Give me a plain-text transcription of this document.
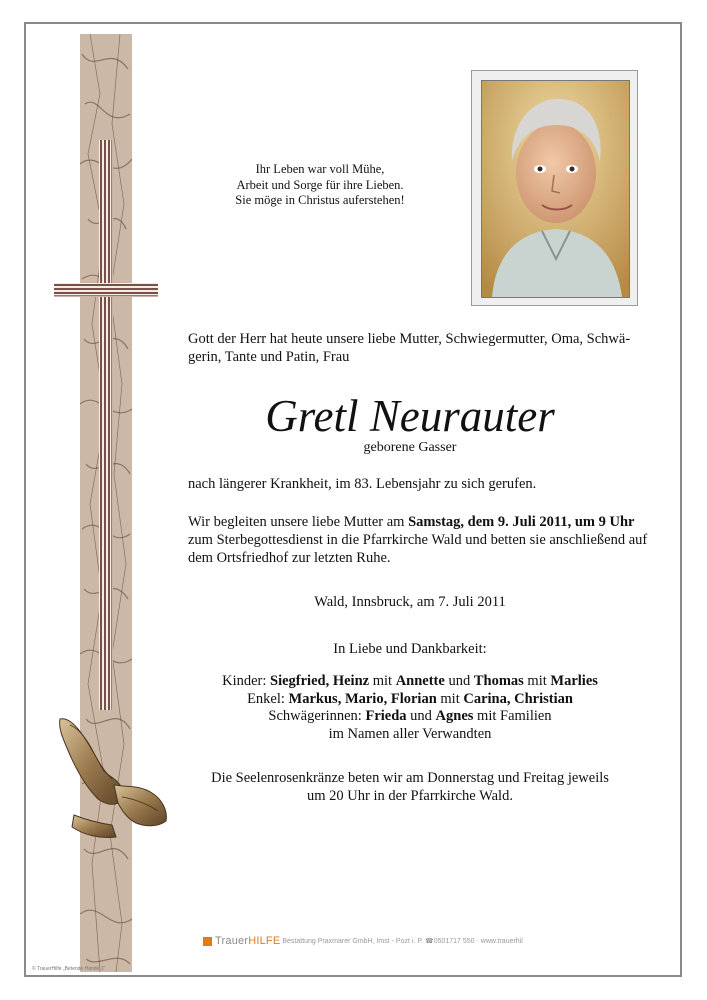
Ihr Leben war voll Mühe,
Arbeit und Sorge für ihre Lieben.
Sie möge in Christus auferstehen!
Gott der Herr hat heute unsere liebe Mutter, Schwiegermutter, Oma, Schwä-gerin, Tante und Patin, Frau
Gretl Neurauter
geborene Gasser
nach längerer Krankheit, im 83. Lebensjahr zu sich gerufen.
Wir begleiten unsere liebe Mutter am Samstag, dem 9. Juli 2011, um 9 Uhr zum Sterbegottesdienst in die Pfarrkirche Wald und betten sie anschließend auf dem Ortsfriedhof zur letzten Ruhe.
Wald, Innsbruck, am 7. Juli 2011
In Liebe und Dankbarkeit:
Kinder: Siegfried, Heinz mit Annette und Thomas mit Marlies
Enkel: Markus, Mario, Florian mit Carina, Christian
Schwägerinnen: Frieda und Agnes mit Familien
im Namen aller Verwandten
Die Seelenrosenkränze beten wir am Donnerstag und Freitag jeweils
um 20 Uhr in der Pfarrkirche Wald.
TrauerHILFE Bestattung Praxmarer GmbH, Imst - Pozt i. P. ☎0501717 550 · www.trauerhil
© TrauerHilfe „Betende Hände 1“
